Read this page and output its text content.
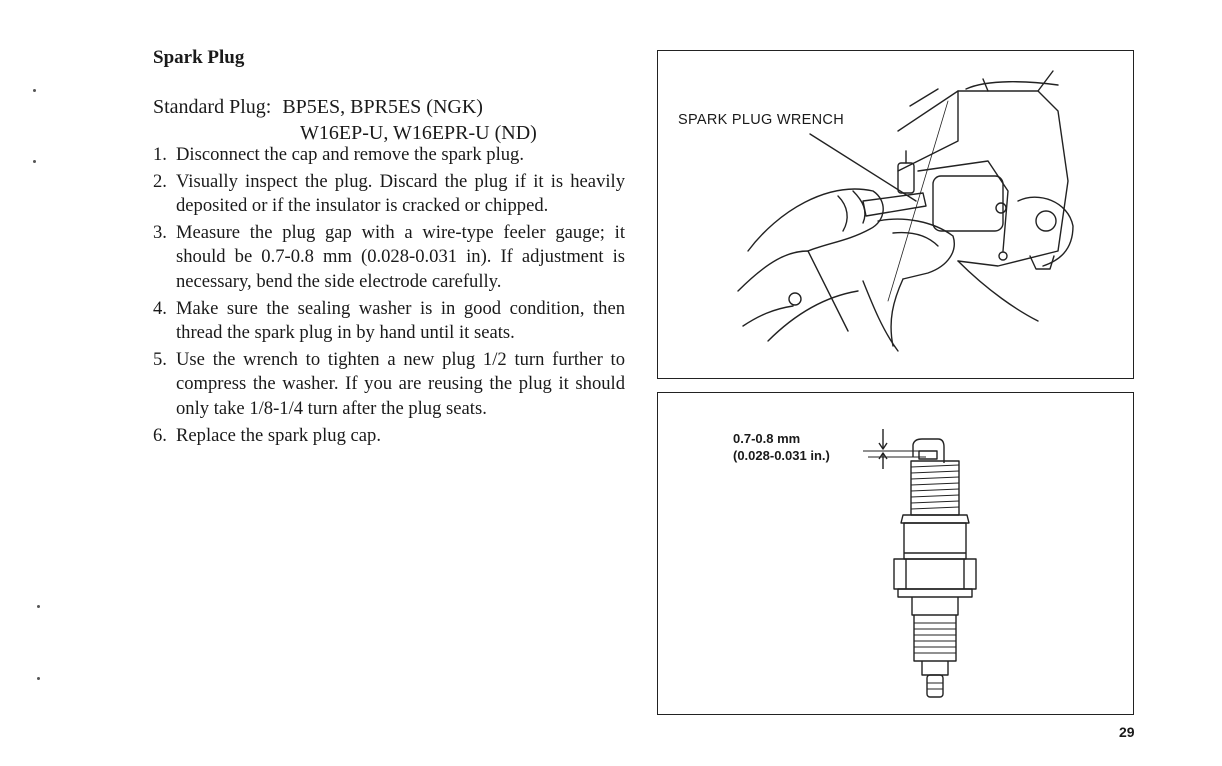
Spark Plug
Standard Plug: BP5ES, BPR5ES (NGK)
W16EP-U, W16EPR-U (ND)
1. Disconnect the cap and remove the spark plug.
2. Visually inspect the plug. Discard the plug if it is heavily deposited or if the insulator is cracked or chipped.
3. Measure the plug gap with a wire-type feeler gauge; it should be 0.7-0.8 mm (0.028-0.031 in). If adjustment is necessary, bend the side electrode carefully.
4. Make sure the sealing washer is in good condition, then thread the spark plug in by hand until it seats.
5. Use the wrench to tighten a new plug 1/2 turn further to compress the washer. If you are reusing the plug it should only take 1/8-1/4 turn after the plug seats.
6. Replace the spark plug cap.
SPARK PLUG WRENCH
0.7-0.8 mm
(0.028-0.031 in.)
29
